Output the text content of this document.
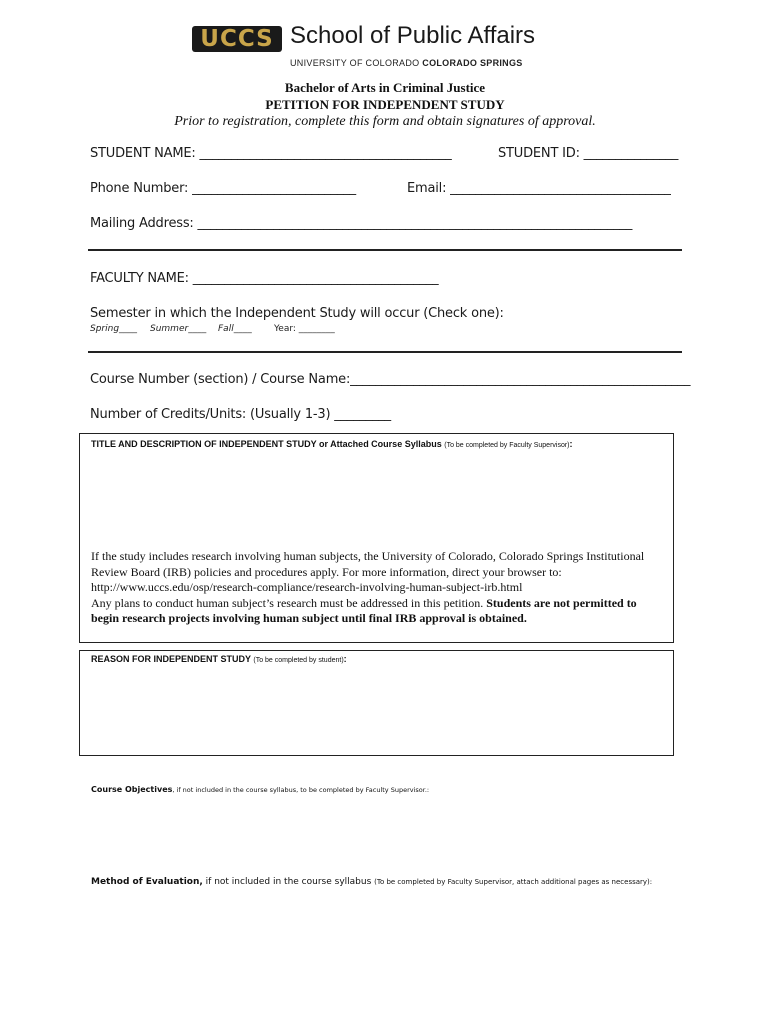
UCCS School of Public Affairs
UNIVERSITY OF COLORADO COLORADO SPRINGS
Bachelor of Arts in Criminal Justice
PETITION FOR INDEPENDENT STUDY
Prior to registration, complete this form and obtain signatures of approval.
STUDENT NAME: ________________________________________	STUDENT ID: _______________
Phone Number: __________________________	Email: ___________________________________
Mailing Address: _____________________________________________________________________
FACULTY NAME: _______________________________________
Semester in which the Independent Study will occur (Check one):
Spring____ Summer____ Fall____ Year: ________
Course Number (section) / Course Name:______________________________________________________
Number of Credits/Units: (Usually 1-3) _________
TITLE AND DESCRIPTION OF INDEPENDENT STUDY or Attached Course Syllabus (To be completed by Faculty Supervisor):
If the study includes research involving human subjects, the University of Colorado, Colorado Springs Institutional
Review Board (IRB) policies and procedures apply. For more information, direct your browser to:
http://www.uccs.edu/osp/research-compliance/research-involving-human-subject-irb.html
Any plans to conduct human subject’s research must be addressed in this petition. Students are not permitted to
begin research projects involving human subject until final IRB approval is obtained.
REASON FOR INDEPENDENT STUDY (To be completed by student):
Course Objectives, if not included in the course syllabus, to be completed by Faculty Supervisor.:
Method of Evaluation, if not included in the course syllabus (To be completed by Faculty Supervisor, attach additional pages as necessary):
